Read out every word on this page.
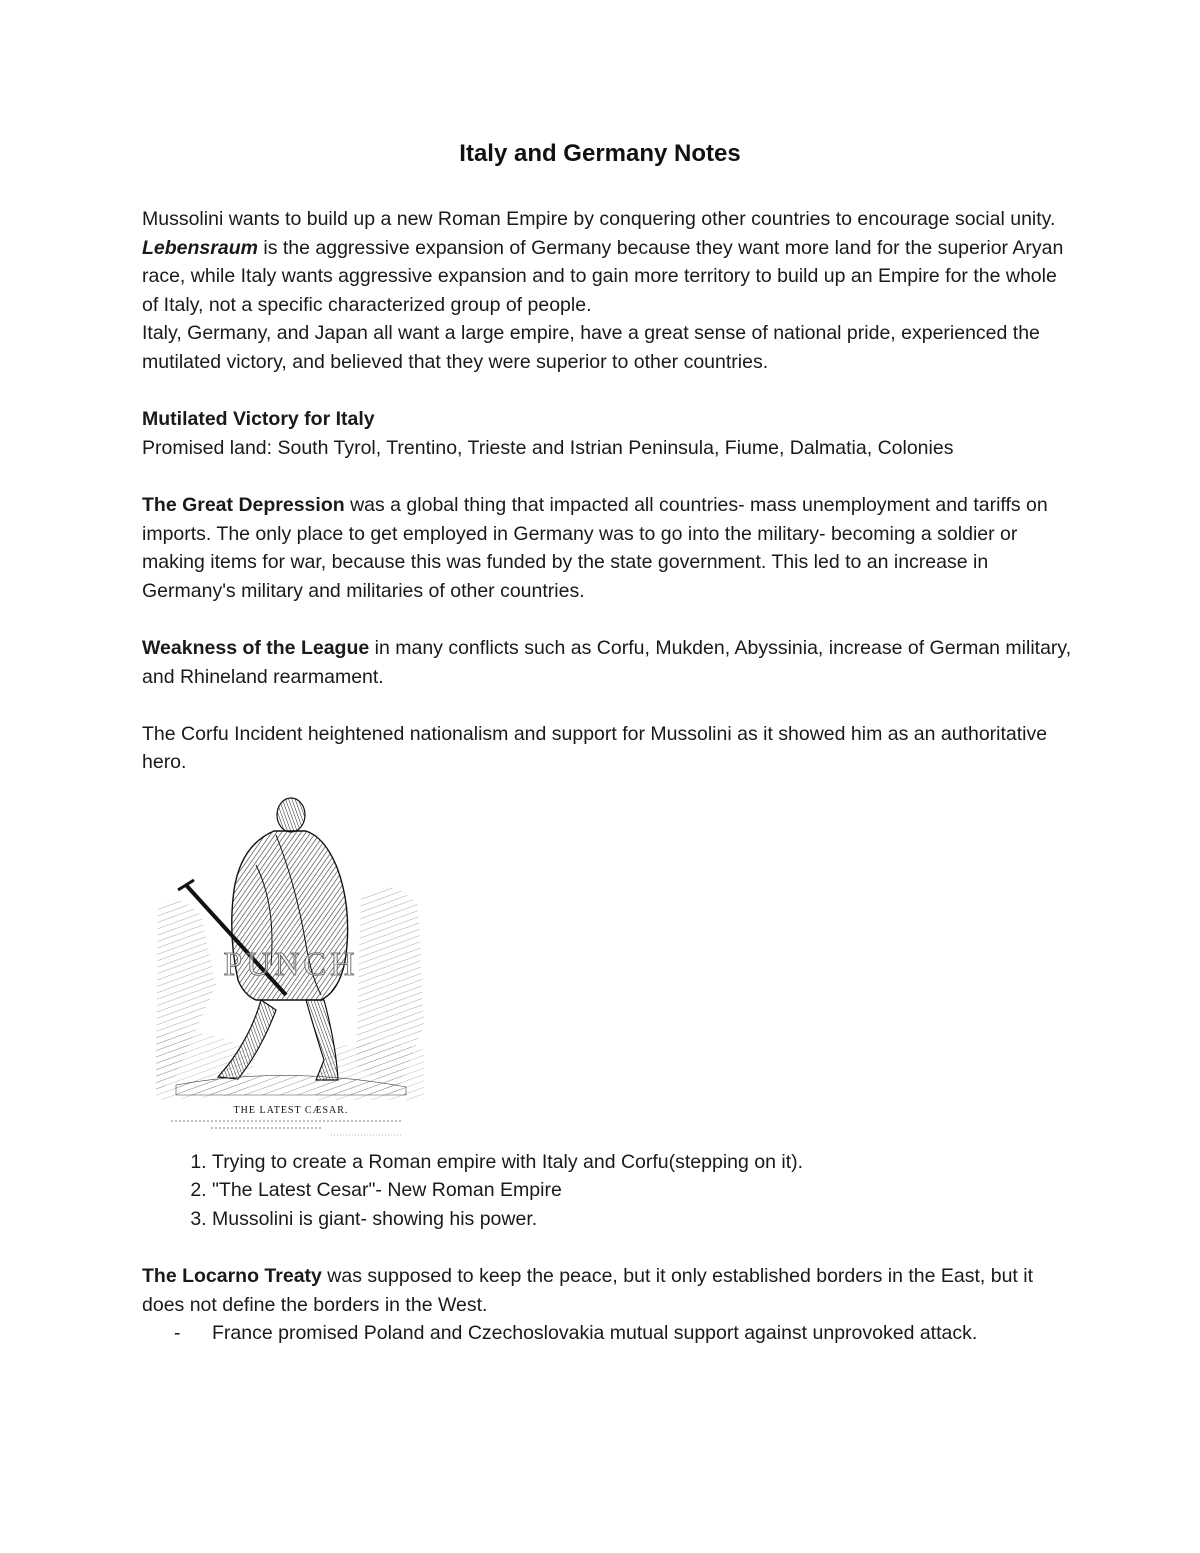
Italy and Germany Notes

Mussolini wants to build up a new Roman Empire by conquering other countries to encourage social unity.

Lebensraum is the aggressive expansion of Germany because they want more land for the superior Aryan race, while Italy wants aggressive expansion and to gain more territory to build up an Empire for the whole of Italy, not a specific characterized group of people.

Italy, Germany, and Japan all want a large empire, have a great sense of national pride, experienced the mutilated victory, and believed that they were superior to other countries.

Mutilated Victory for Italy

Promised land: South Tyrol, Trentino, Trieste and Istrian Peninsula, Fiume, Dalmatia, Colonies

The Great Depression was a global thing that impacted all countries- mass unemployment and tariffs on imports. The only place to get employed in Germany was to go into the military- becoming a soldier or making items for war, because this was funded by the state government. This led to an increase in Germany's military and militaries of other countries.

Weakness of the League in many conflicts such as Corfu, Mukden, Abyssinia, increase of German military, and Rhineland rearmament.

The Corfu Incident heightened nationalism and support for Mussolini as it showed him as an authoritative hero.

PUNCH
THE LATEST CÆSAR.
1. Trying to create a Roman empire with Italy and Corfu(stepping on it).
2. "The Latest Cesar"- New Roman Empire
3. Mussolini is giant- showing his power.

The Locarno Treaty was supposed to keep the peace, but it only established borders in the East, but it does not define the borders in the West.

- France promised Poland and Czechoslovakia mutual support against unprovoked attack.
